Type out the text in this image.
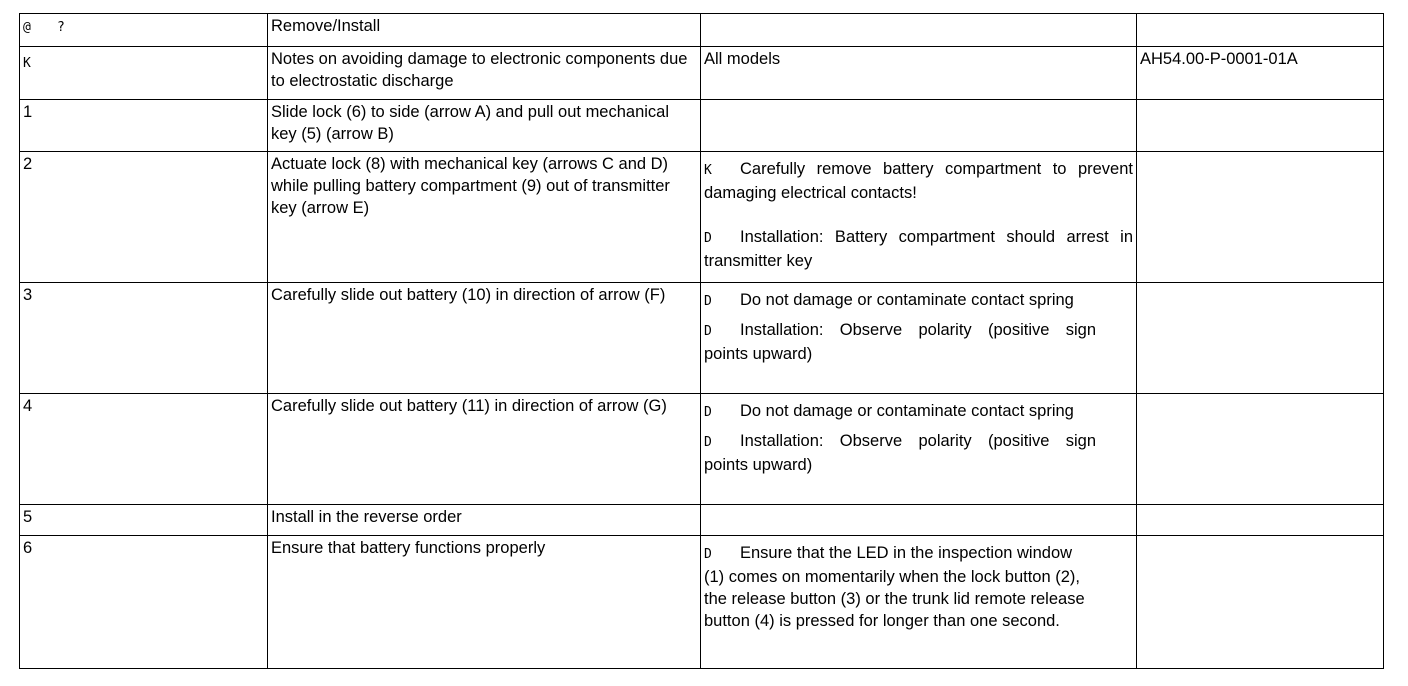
@ ?	Remove/Install		

K	Notes on avoiding damage to electronic components due to electrostatic discharge	All models	AH54.00-P-0001-01A
1	Slide lock (6) to side (arrow A) and pull out mechanical key (5) (arrow B)		
2	Actuate lock (8) with mechanical key (arrows C and D) while pulling battery compartment (9) out of transmitter key (arrow E)	K Carefully remove battery compartment to prevent damaging electrical contacts!
D Installation: Battery compartment should arrest in transmitter key	

3	Carefully slide out battery (10) in direction of arrow (F)	D Do not damage or contaminate contact spring
D Installation: Observe polarity (positive sign points upward)	

4	Carefully slide out battery (11) in direction of arrow (G)	D Do not damage or contaminate contact spring
D Installation: Observe polarity (positive sign points upward)	

5	Install in the reverse order		
6	Ensure that battery functions properly	D Ensure that the LED in the inspection window (1) comes on momentarily when the lock button (2), the release button (3) or the trunk lid remote release button (4) is pressed for longer than one second.	
